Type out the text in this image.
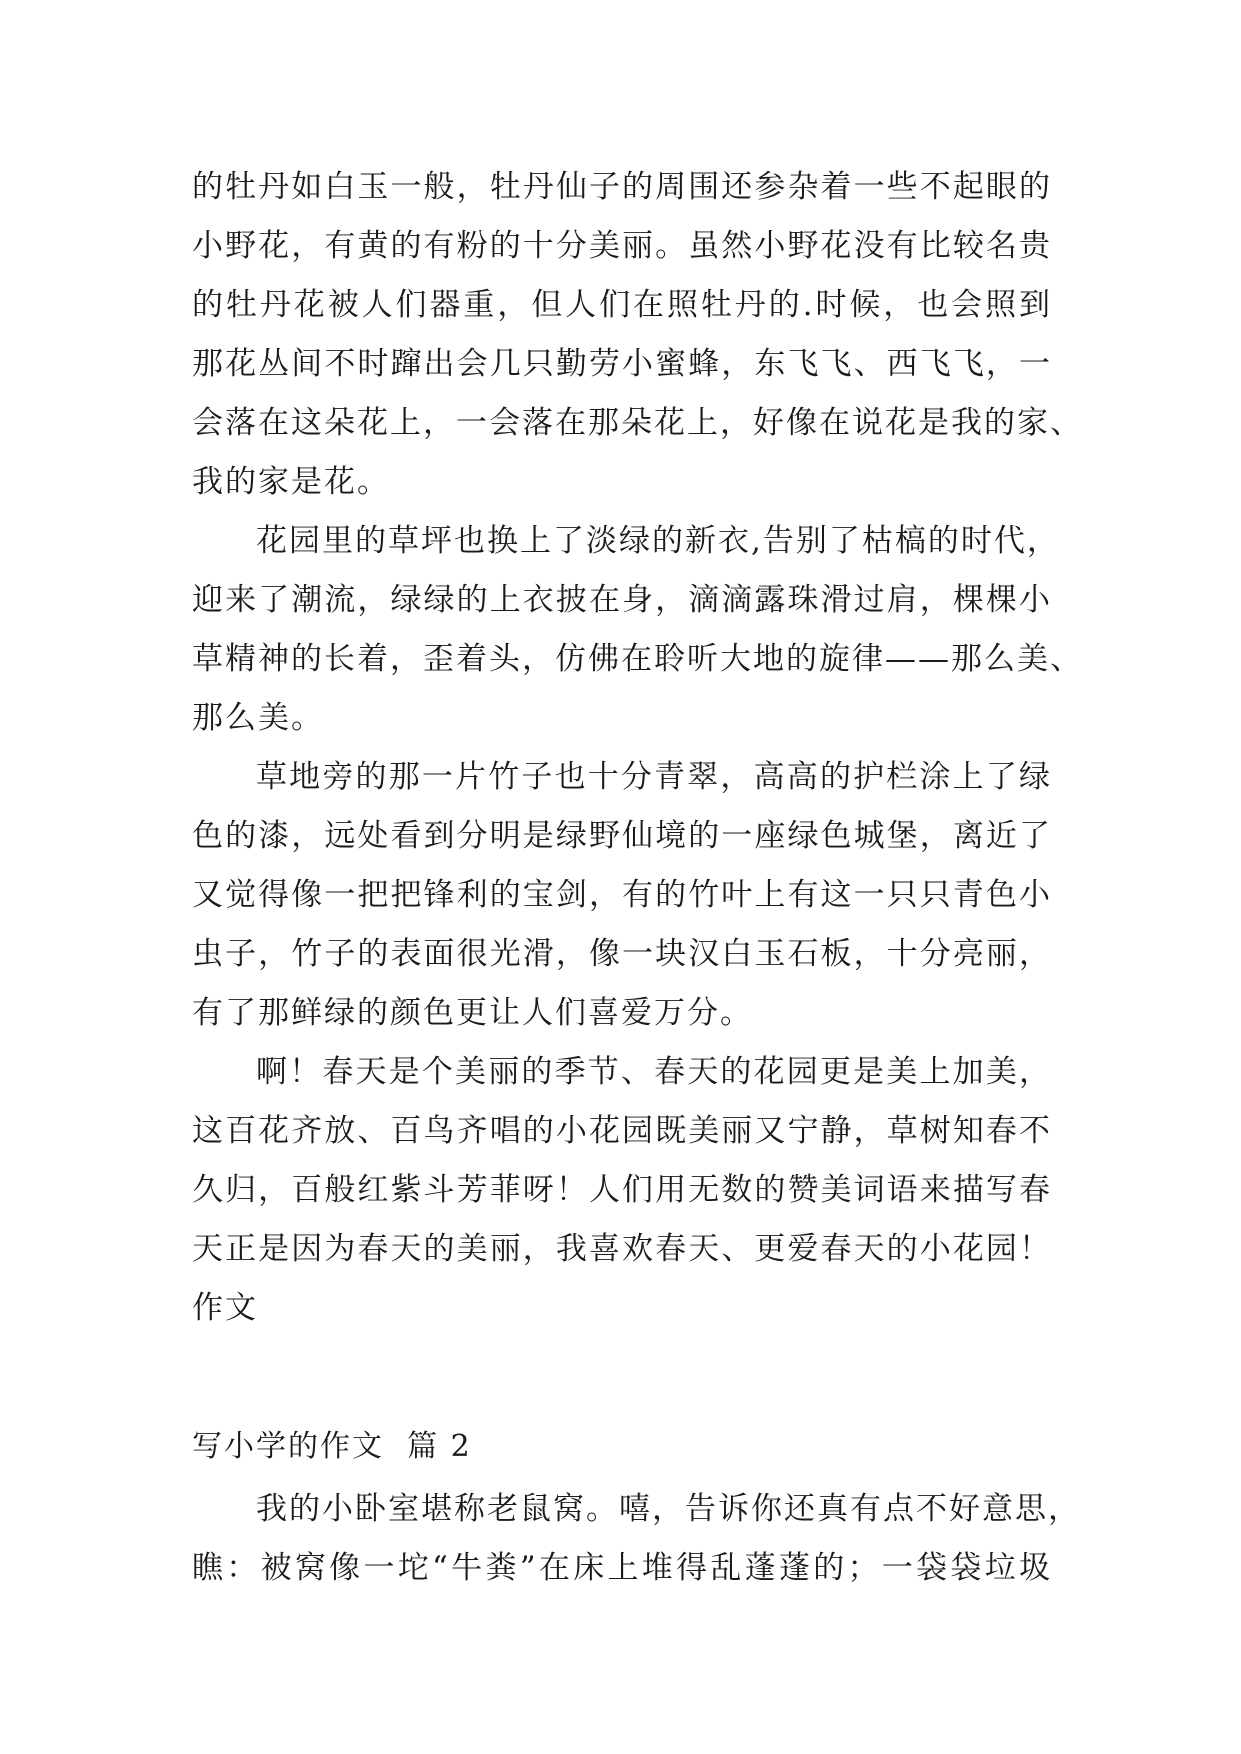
的牡丹如白玉一般，牡丹仙子的周围还参杂着一些不起眼的
小野花，有黄的有粉的十分美丽。虽然小野花没有比较名贵
的牡丹花被人们器重，但人们在照牡丹的.时候，也会照到
那花丛间不时蹿出会几只勤劳小蜜蜂，东飞飞、西飞飞，一
会落在这朵花上，一会落在那朵花上，好像在说花是我的家、
我的家是花。
花园里的草坪也换上了淡绿的新衣,告别了枯槁的时代，
迎来了潮流，绿绿的上衣披在身，滴滴露珠滑过肩，棵棵小
草精神的长着，歪着头，仿佛在聆听大地的旋律——那么美、
那么美。
草地旁的那一片竹子也十分青翠，高高的护栏涂上了绿
色的漆，远处看到分明是绿野仙境的一座绿色城堡，离近了
又觉得像一把把锋利的宝剑，有的竹叶上有这一只只青色小
虫子，竹子的表面很光滑，像一块汉白玉石板，十分亮丽，
有了那鲜绿的颜色更让人们喜爱万分。
啊！春天是个美丽的季节、春天的花园更是美上加美，
这百花齐放、百鸟齐唱的小花园既美丽又宁静，草树知春不
久归，百般红紫斗芳菲呀！人们用无数的赞美词语来描写春
天正是因为春天的美丽，我喜欢春天、更爱春天的小花园！
作文
写小学的作文  篇 2
我的小卧室堪称老鼠窝。嘻，告诉你还真有点不好意思，
瞧：被窝像一坨“牛粪”在床上堆得乱蓬蓬的；一袋袋垃圾
